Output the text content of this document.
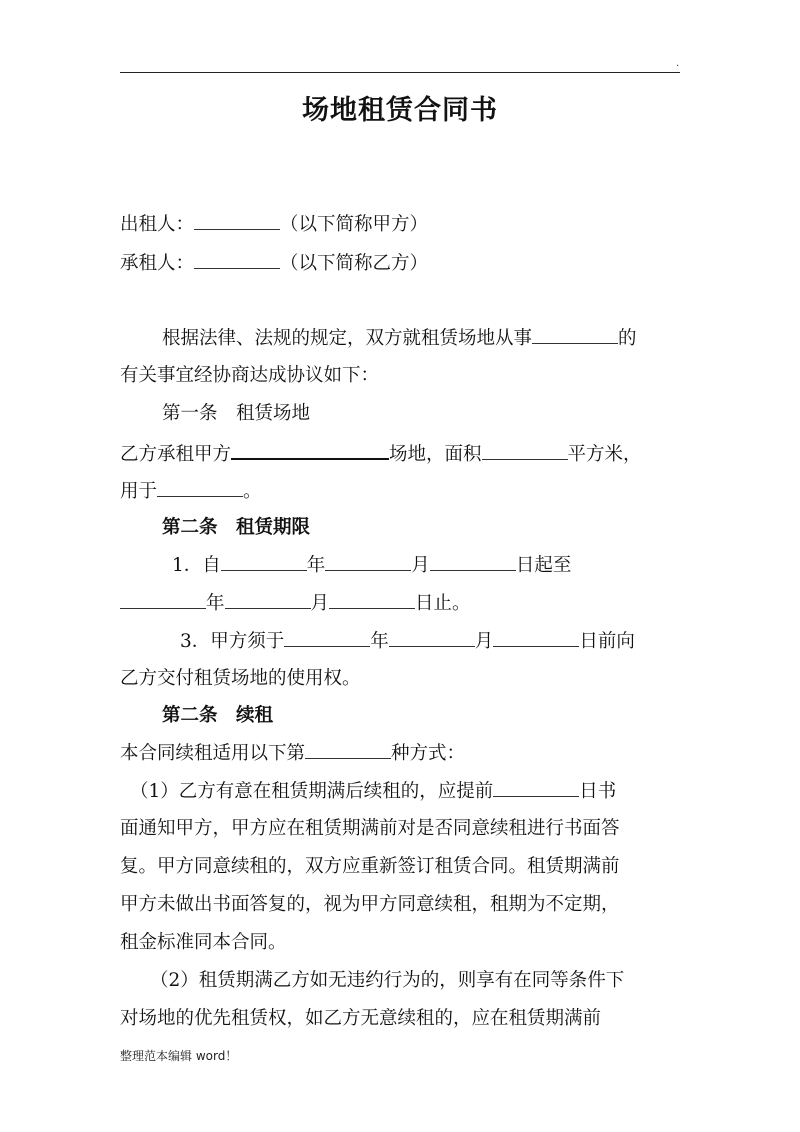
.
场地租赁合同书
出租人：	（以下简称甲方）
承租人：	（以下简称乙方）
根据法律、法规的规定，双方就租赁场地从事	的
有关事宜经协商达成协议如下：
第一条　租赁场地
乙方承租甲方	场地，面积	平方米，
用于	。
第二条　租赁期限
1．自	年	月	日起至
年	月	日止。
3．甲方须于	年	月	日前向
乙方交付租赁场地的使用权。
第二条　续租
本合同续租适用以下第	种方式：
（1）乙方有意在租赁期满后续租的，应提前	日书
面通知甲方，甲方应在租赁期满前对是否同意续租进行书面答
复。甲方同意续租的，双方应重新签订租赁合同。租赁期满前
甲方未做出书面答复的，视为甲方同意续租，租期为不定期，
租金标准同本合同。
（2）租赁期满乙方如无违约行为的，则享有在同等条件下
对场地的优先租赁权，如乙方无意续租的，应在租赁期满前
整理范本编辑 word！
